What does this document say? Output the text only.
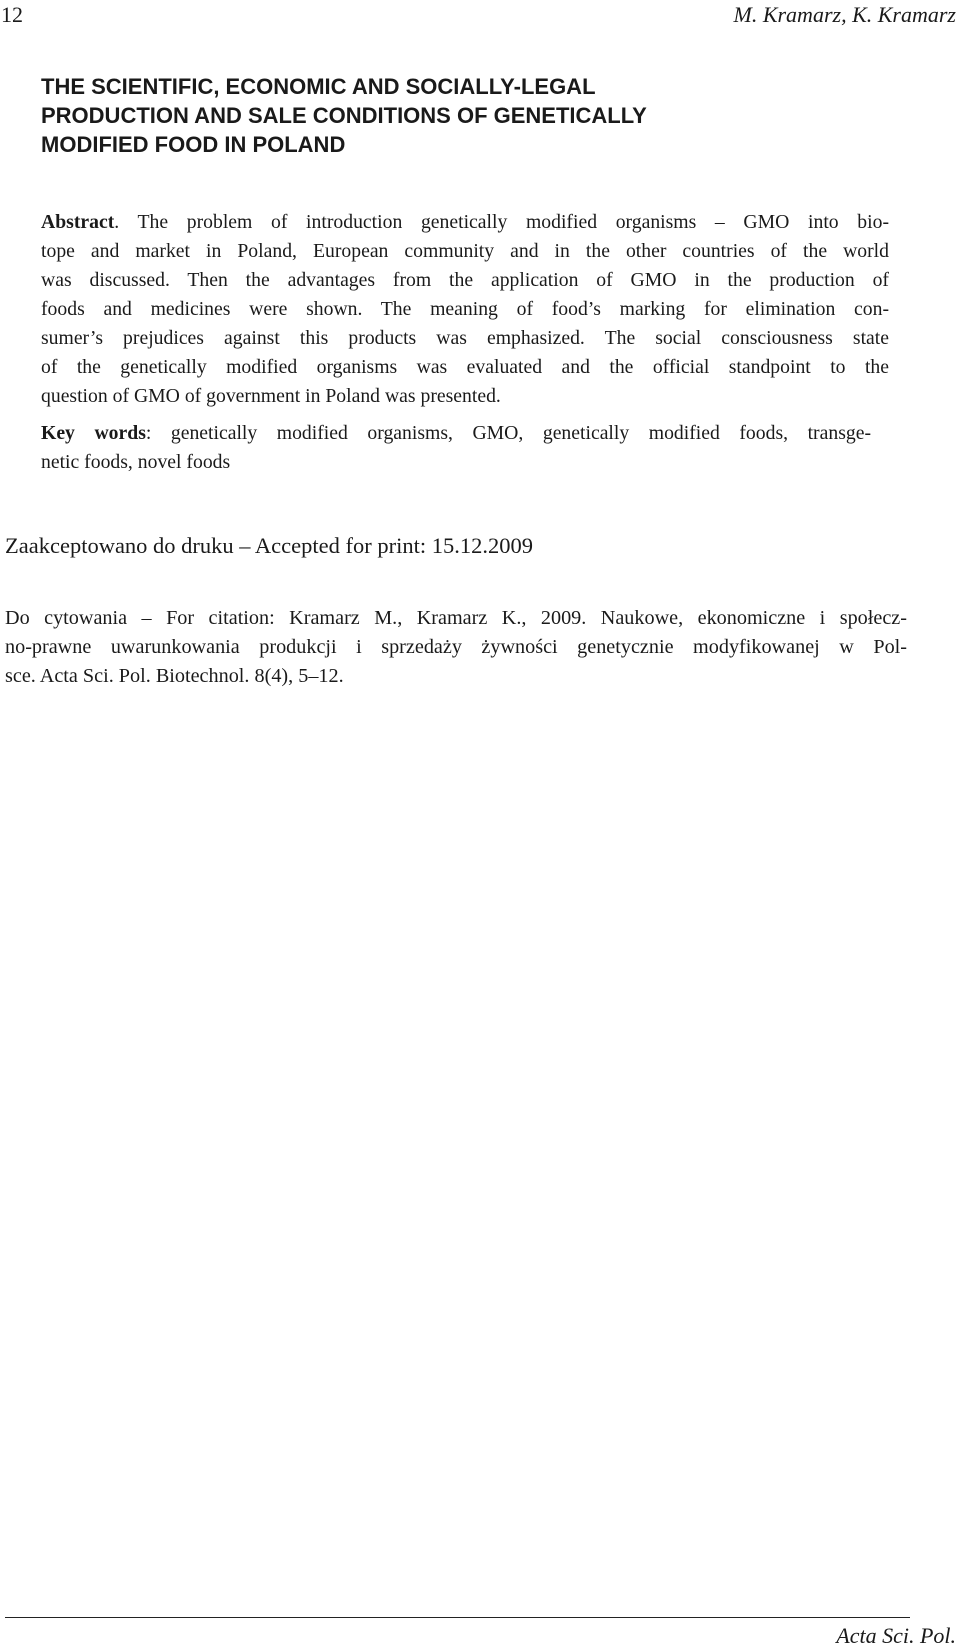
12	M. Kramarz, K. Kramarz
THE SCIENTIFIC, ECONOMIC AND SOCIALLY-LEGAL
PRODUCTION AND SALE CONDITIONS OF GENETICALLY
MODIFIED FOOD IN POLAND
Abstract. The problem of introduction genetically modified organisms – GMO into bio-
tope and market in Poland, European community and in the other countries of the world
was discussed. Then the advantages from the application of GMO in the production of
foods and medicines were shown. The meaning of food’s marking for elimination con-
sumer’s prejudices against this products was emphasized. The social consciousness state
of the genetically modified organisms was evaluated and the official standpoint to the
question of GMO of government in Poland was presented.
Key words: genetically modified organisms, GMO, genetically modified foods, transge-
netic foods, novel foods
Zaakceptowano do druku – Accepted for print: 15.12.2009
Do cytowania – For citation: Kramarz M., Kramarz K., 2009. Naukowe, ekonomiczne i społecz-
no-prawne uwarunkowania produkcji i sprzedaży żywności genetycznie modyfikowanej w Pol-
sce. Acta Sci. Pol. Biotechnol. 8(4), 5–12.
Acta Sci. Pol.
